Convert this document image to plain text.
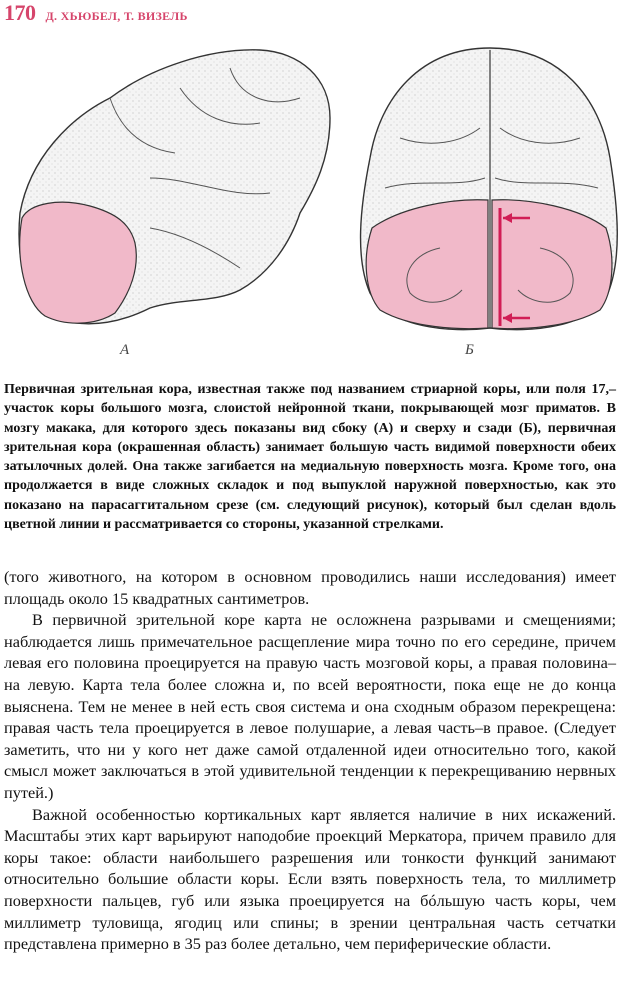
170 Д. ХЬЮБЕЛ, Т. ВИЗЕЛЬ
А	Б

Первичная зрительная кора, известная также под названием стриарной коры, или поля 17,–участок коры большого мозга, слоистой нейронной ткани, покрывающей мозг приматов. В мозгу макака, для которого здесь показаны вид сбоку (А) и сверху и сзади (Б), первичная зрительная кора (окрашенная область) занимает большую часть видимой поверхности обеих затылочных долей. Она также загибается на медиальную поверхность мозга. Кроме того, она продолжается в виде сложных складок и под выпуклой наружной поверхностью, как это показано на парасаггитальном срезе (см. следующий рисунок), который был сделан вдоль цветной линии и рассматривается со стороны, указанной стрелками.

(того животного, на котором в основном проводились наши исследования) имеет площадь около 15 квадратных сантиметров.

В первичной зрительной коре карта не осложнена разрывами и смещениями; наблюдается лишь примечательное расщепление мира точно по его середине, причем левая его половина проецируется на правую часть мозговой коры, а правая половина–на левую. Карта тела более сложна и, по всей вероятности, пока еще не до конца выяснена. Тем не менее в ней есть своя система и она сходным образом перекрещена: правая часть тела проецируется в левое полушарие, а левая часть–в правое. (Следует заметить, что ни у кого нет даже самой отдаленной идеи относительно того, какой смысл может заключаться в этой удивительной тенденции к перекрещиванию нервных путей.)

Важной особенностью кортикальных карт является наличие в них искажений. Масштабы этих карт варьируют наподобие проекций Меркатора, причем правило для коры такое: области наибольшего разрешения или тонкости функций занимают относительно большие области коры. Если взять поверхность тела, то миллиметр поверхности пальцев, губ или языка проецируется на бóльшую часть коры, чем миллиметр туловища, ягодиц или спины; в зрении центральная часть сетчатки представлена примерно в 35 раз более детально, чем периферические области.
